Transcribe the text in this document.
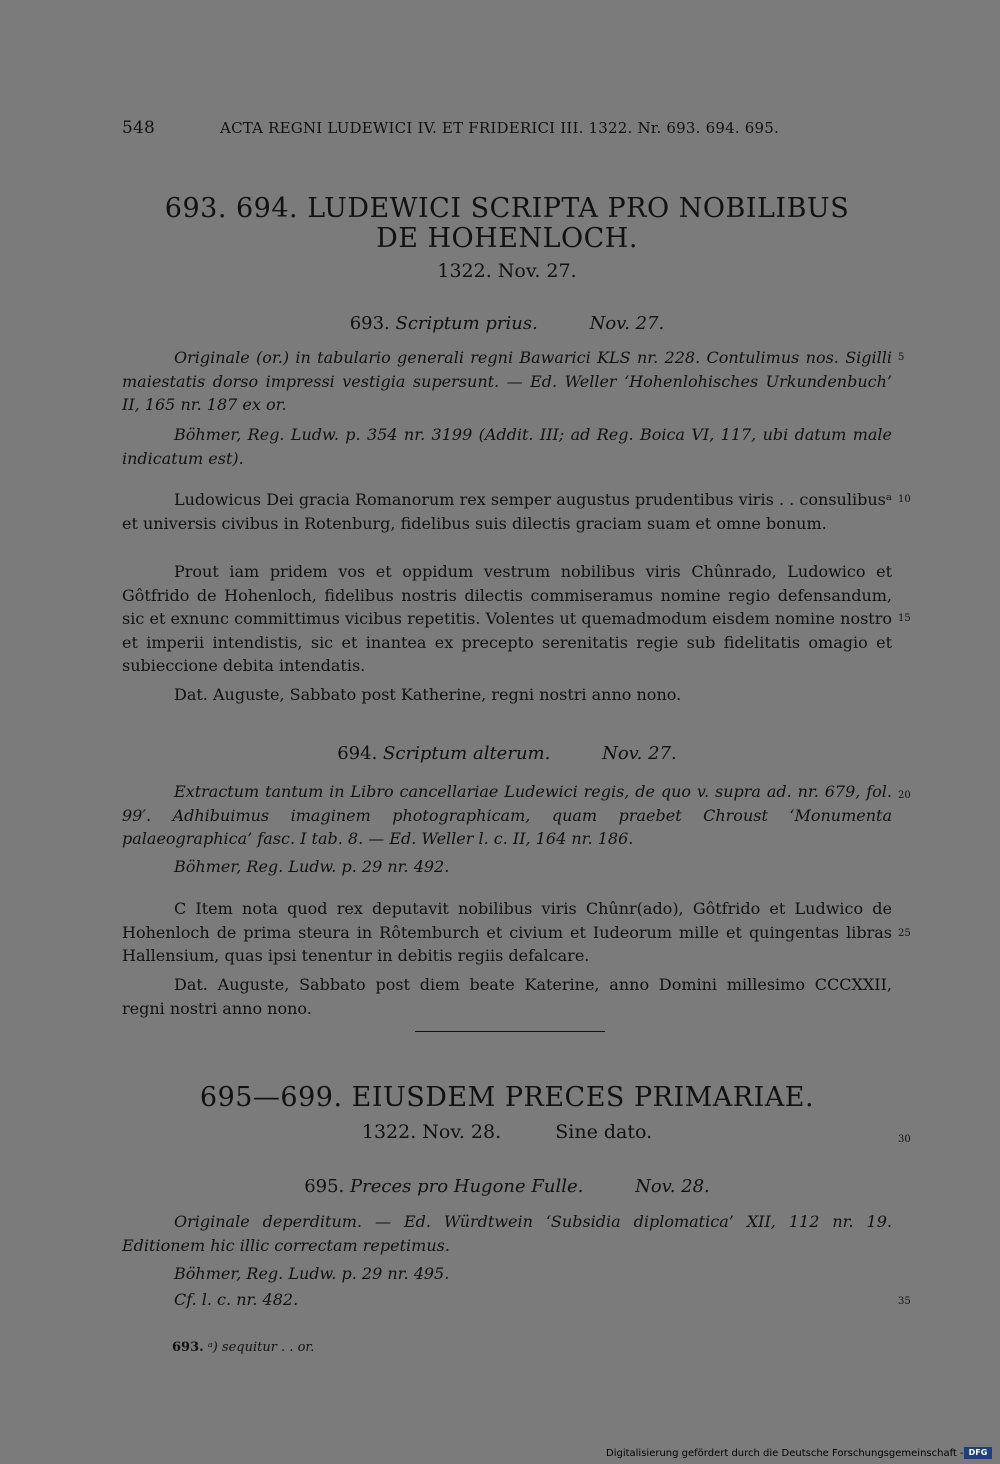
548	ACTA REGNI LUDEWICI IV. ET FRIDERICI III. 1322. Nr. 693. 694. 695.
693. 694. LUDEWICI SCRIPTA PRO NOBILIBUS
DE HOHENLOCH.
1322. Nov. 27.
693. Scriptum prius.	Nov. 27.
Originale (or.) in tabulario generali regni Bawarici KLS nr. 228. Contulimus nos. Sigilli maiestatis dorso impressi vestigia supersunt. — Ed. Weller ‘Hohenlohisches Urkundenbuch’ II, 165 nr. 187 ex or.
Böhmer, Reg. Ludw. p. 354 nr. 3199 (Addit. III; ad Reg. Boica VI, 117, ubi datum male indicatum est).
Ludowicus Dei gracia Romanorum rex semper augustus prudentibus viris . . consulibusᵃ et universis civibus in Rotenburg, fidelibus suis dilectis graciam suam et omne bonum.
Prout iam pridem vos et oppidum vestrum nobilibus viris Chûnrado, Ludowico et Gôtfrido de Hohenloch, fidelibus nostris dilectis commiseramus nomine regio defensandum, sic et exnunc committimus vicibus repetitis. Volentes ut quemadmodum eisdem nomine nostro et imperii intendistis, sic et inantea ex precepto serenitatis regie sub fidelitatis omagio et subieccione debita intendatis.
Dat. Auguste, Sabbato post Katherine, regni nostri anno nono.
694. Scriptum alterum.	Nov. 27.
Extractum tantum in Libro cancellariae Ludewici regis, de quo v. supra ad. nr. 679, fol. 99′. Adhibuimus imaginem photographicam, quam praebet Chroust ‘Monumenta palaeographica’ fasc. I tab. 8. — Ed. Weller l. c. II, 164 nr. 186.
Böhmer, Reg. Ludw. p. 29 nr. 492.
C Item nota quod rex deputavit nobilibus viris Chûnr(ado), Gôtfrido et Ludwico de Hohenloch de prima steura in Rôtemburch et civium et Iudeorum mille et quingentas libras Hallensium, quas ipsi tenentur in debitis regiis defalcare.
Dat. Auguste, Sabbato post diem beate Katerine, anno Domini millesimo CCCXXII, regni nostri anno nono.
695—699. EIUSDEM PRECES PRIMARIAE.
1322. Nov. 28.	Sine dato.
695. Preces pro Hugone Fulle.	Nov. 28.
Originale deperditum. — Ed. Würdtwein ‘Subsidia diplomatica’ XII, 112 nr. 19. Editionem hic illic correctam repetimus.
Böhmer, Reg. Ludw. p. 29 nr. 495.
Cf. l. c. nr. 482.
5
10
15
20
25
30
35
693. ᵃ) sequitur . . or.
Digitalisierung gefördert durch die Deutsche Forschungsgemeinschaft - DFG
